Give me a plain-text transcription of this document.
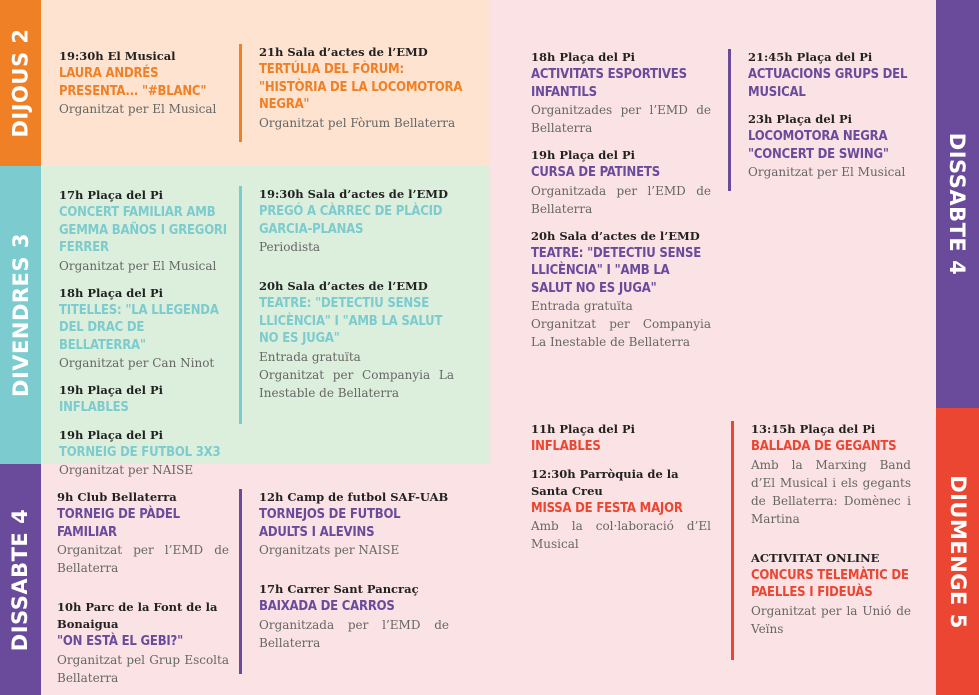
DIJOUS 2
DIVENDRES 3
DISSABTE 4
DISSABTE 4
DIUMENGE 5
19:30h El Musical
LAURA ANDRÉS PRESENTA... "#BLANC"
Organitzat per El Musical
21h Sala d’actes de l’EMD
TERTÚLIA DEL FÒRUM: "HISTÒRIA DE LA LOCOMOTORA NEGRA"
Organitzat pel Fòrum Bellaterra
17h Plaça del Pi
CONCERT FAMILIAR AMB GEMMA BAÑOS I GREGORI FERRER
Organitzat per El Musical
18h Plaça del Pi
TITELLES: "LA LLEGENDA DEL DRAC DE BELLATERRA"
Organitzat per Can Ninot
19h Plaça del Pi
INFLABLES
19h Plaça del Pi
TORNEIG DE FUTBOL 3X3
Organitzat per NAISE
19:30h Sala d’actes de l’EMD
PREGÓ A CÀRREC DE PLÀCID GARCIA-PLANAS
Periodista
20h Sala d’actes de l’EMD
TEATRE: "DETECTIU SENSE LLICÈNCIA" I "AMB LA SALUT NO ES JUGA"
Entrada gratuïta
Organitzat per Companyia La Inestable de Bellaterra
9h Club Bellaterra
TORNEIG DE PÀDEL FAMILIAR
Organitzat per l’EMD de Bellaterra
10h Parc de la Font de la Bonaigua
"ON ESTÀ EL GEBI?"
Organitzat pel Grup Escolta Bellaterra
12h Camp de futbol SAF-UAB
TORNEJOS DE FUTBOL ADULTS I ALEVINS
Organitzats per NAISE
17h Carrer Sant Pancraç
BAIXADA DE CARROS
Organitzada per l’EMD de Bellaterra
18h Plaça del Pi
ACTIVITATS ESPORTIVES INFANTILS
Organitzades per l’EMD de Bellaterra
19h Plaça del Pi
CURSA DE PATINETS
Organitzada per l’EMD de Bellaterra
20h Sala d’actes de l’EMD
TEATRE: "DETECTIU SENSE LLICÈNCIA" I "AMB LA SALUT NO ES JUGA"
Entrada gratuïta
Organitzat per Companyia La Inestable de Bellaterra
21:45h Plaça del Pi
ACTUACIONS GRUPS DEL MUSICAL
23h Plaça del Pi
LOCOMOTORA NEGRA "CONCERT DE SWING"
Organitzat per El Musical
11h Plaça del Pi
INFLABLES
12:30h Parròquia de la Santa Creu
MISSA DE FESTA MAJOR
Amb la col·laboració d’El Musical
13:15h Plaça del Pi
BALLADA DE GEGANTS
Amb la Marxing Band d’El Musical i els gegants de Bellaterra: Domènec i Martina
ACTIVITAT ONLINE
CONCURS TELEMÀTIC DE PAELLES I FIDEUÀS
Organitzat per la Unió de Veïns
